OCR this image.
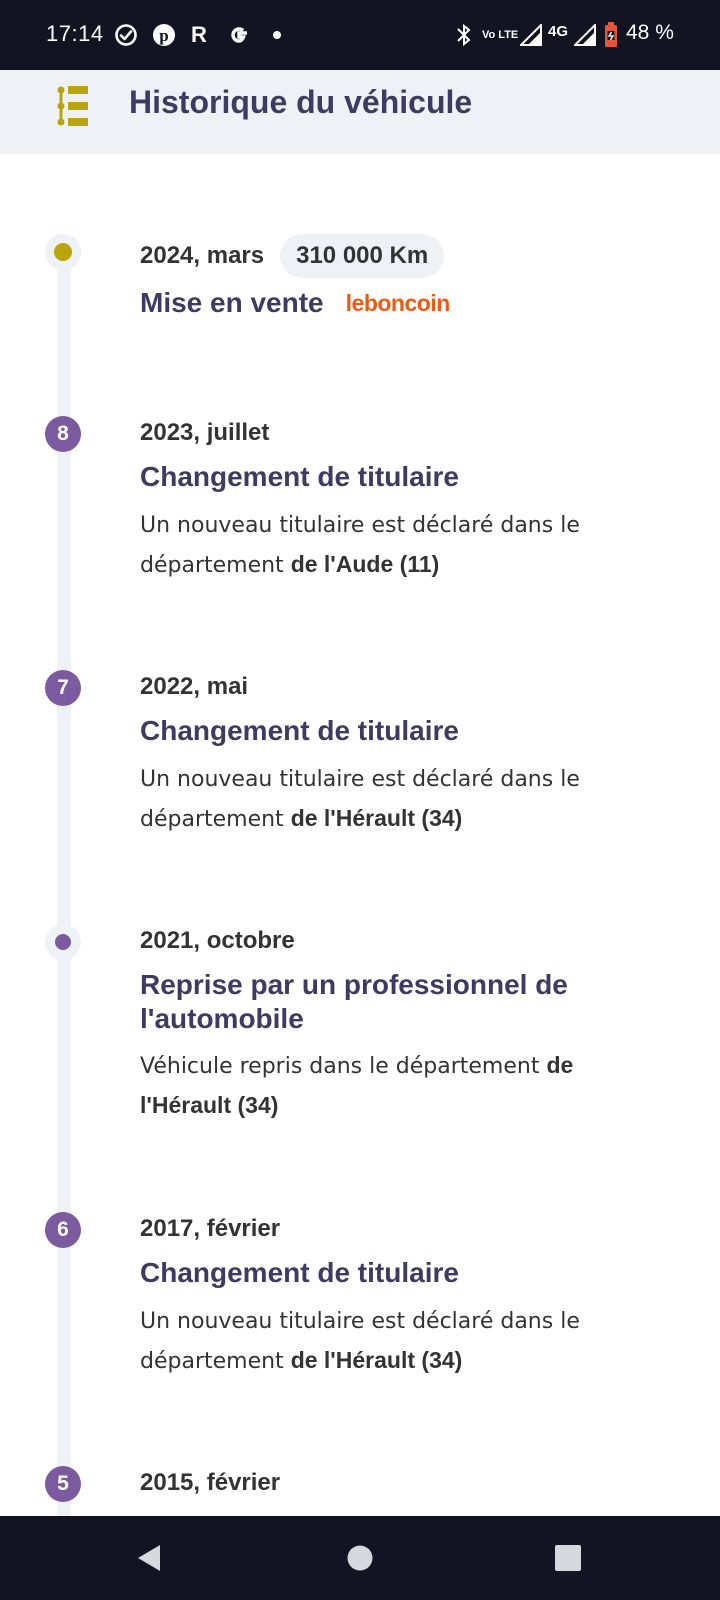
17:14	p R	Vo LTE 4G	48 %
Historique du véhicule
2024, mars	310 000 Km
Mise en vente leboncoin
8	2023, juillet
Changement de titulaire
Un nouveau titulaire est déclaré dans le département de l'Aude (11)
7	2022, mai
Changement de titulaire
Un nouveau titulaire est déclaré dans le département de l'Hérault (34)
2021, octobre
Reprise par un professionnel de l'automobile
Véhicule repris dans le département de l'Hérault (34)
6	2017, février
Changement de titulaire
Un nouveau titulaire est déclaré dans le département de l'Hérault (34)
5	2015, février
